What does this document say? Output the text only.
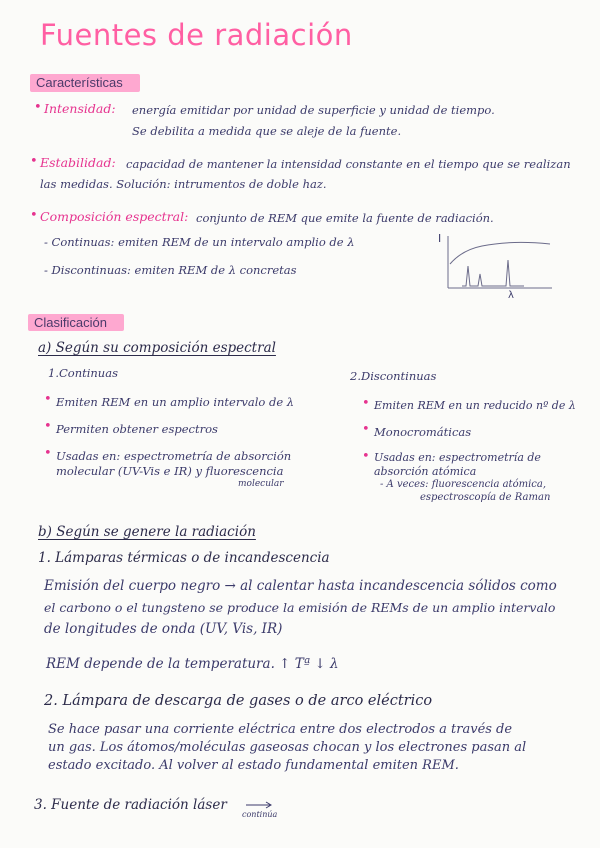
Fuentes de radiación
Características
• Intensidad: energía emitidar por unidad de superficie y unidad de tiempo.
Se debilita a medida que se aleje de la fuente.
• Estabilidad: capacidad de mantener la intensidad constante en el tiempo que se realizan
las medidas. Solución: intrumentos de doble haz.
• Composición espectral: conjunto de REM que emite la fuente de radiación.
- Continuas: emiten REM de un intervalo amplio de λ
- Discontinuas: emiten REM de λ concretas
I
λ
Clasificación
a) Según su composición espectral
1.Continuas
• Emiten REM en un amplio intervalo de λ
• Permiten obtener espectros
• Usadas en: espectrometría de absorción
molecular (UV-Vis e IR) y fluorescencia
molecular
2.Discontinuas
• Emiten REM en un reducido nº de λ
• Monocromáticas
• Usadas en: espectrometría de
absorción atómica
- A veces: fluorescencia atómica,
espectroscopía de Raman
b) Según se genere la radiación
1. Lámparas térmicas o de incandescencia
Emisión del cuerpo negro → al calentar hasta incandescencia sólidos como
el carbono o el tungsteno se produce la emisión de REMs de un amplio intervalo
de longitudes de onda (UV, Vis, IR)
REM depende de la temperatura. ↑ Tª ↓ λ
2. Lámpara de descarga de gases o de arco eléctrico
Se hace pasar una corriente eléctrica entre dos electrodos a través de
un gas. Los átomos/moléculas gaseosas chocan y los electrones pasan al
estado excitado. Al volver al estado fundamental emiten REM.
3. Fuente de radiación láser
continúa
